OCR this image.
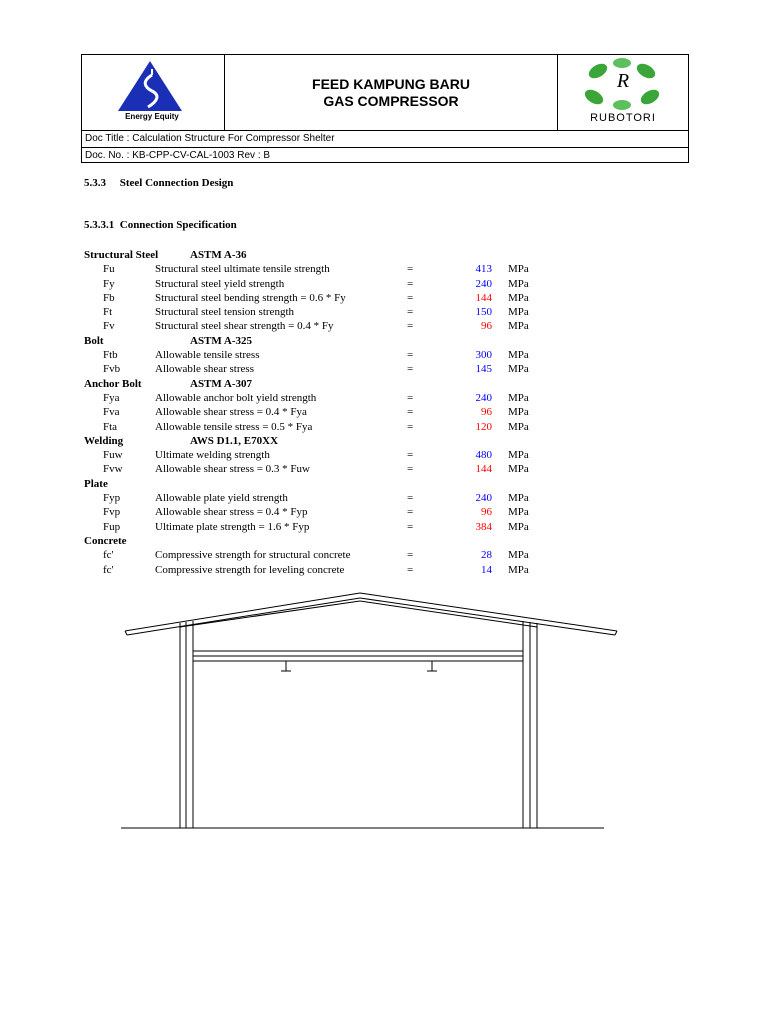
Energy Equity
FEED KAMPUNG BARU
GAS COMPRESSOR
R
RUBOTORI
Doc Title : Calculation Structure For Compressor Shelter
Doc. No. : KB-CPP-CV-CAL-1003 Rev : B
5.3.3     Steel Connection Design
5.3.3.1  Connection Specification
Structural Steel	ASTM A-36
Fu	Structural steel ultimate tensile strength	=	413 MPa
Fy	Structural steel yield strength	=	240 MPa
Fb	Structural steel bending strength = 0.6 * Fy	=	144 MPa
Ft	Structural steel tension strength	=	150 MPa
Fv	Structural steel shear strength = 0.4 * Fy	=	96 MPa
Bolt	ASTM A-325
Ftb	Allowable tensile stress	=	300 MPa
Fvb	Allowable shear stress	=	145 MPa
Anchor Bolt	ASTM A-307
Fya	Allowable anchor bolt yield strength	=	240 MPa
Fva	Allowable shear stress = 0.4 * Fya	=	96 MPa
Fta	Allowable tensile stress = 0.5 * Fya	=	120 MPa
Welding	AWS D1.1, E70XX
Fuw	Ultimate welding strength	=	480 MPa
Fvw	Allowable shear stress = 0.3 * Fuw	=	144 MPa
Plate
Fyp	Allowable plate yield strength	=	240 MPa
Fvp	Allowable shear stress = 0.4 * Fyp	=	96 MPa
Fup	Ultimate plate strength = 1.6 * Fyp	=	384 MPa
Concrete
fc'	Compressive strength for structural concrete	=	28 MPa
fc'	Compressive strength for leveling concrete	=	14 MPa
